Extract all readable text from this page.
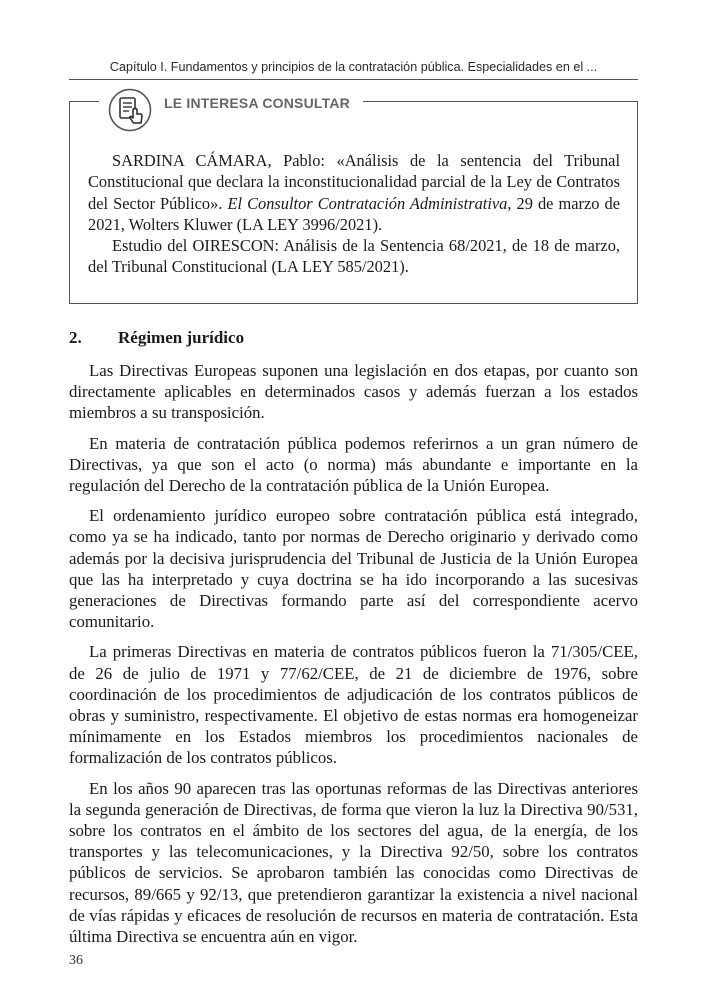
Capítulo I. Fundamentos y principios de la contratación pública. Especialidades en el ...
LE INTERESA CONSULTAR

SARDINA CÁMARA, Pablo: «Análisis de la sentencia del Tribunal Constitucional que declara la inconstitucionalidad parcial de la Ley de Contratos del Sector Público». El Consultor Contratación Administrativa, 29 de marzo de 2021, Wolters Kluwer (LA LEY 3996/2021).

Estudio del OIRESCON: Análisis de la Sentencia 68/2021, de 18 de marzo, del Tribunal Constitucional (LA LEY 585/2021).

2. Régimen jurídico

Las Directivas Europeas suponen una legislación en dos etapas, por cuanto son directamente aplicables en determinados casos y además fuerzan a los estados miembros a su transposición.

En materia de contratación pública podemos referirnos a un gran número de Directivas, ya que son el acto (o norma) más abundante e importante en la regulación del Derecho de la contratación pública de la Unión Europea.

El ordenamiento jurídico europeo sobre contratación pública está integrado, como ya se ha indicado, tanto por normas de Derecho originario y derivado como además por la decisiva jurisprudencia del Tribunal de Justicia de la Unión Europea que las ha interpretado y cuya doctrina se ha ido incorporando a las sucesivas generaciones de Directivas formando parte así del correspondiente acervo comunitario.

La primeras Directivas en materia de contratos públicos fueron la 71/305/CEE, de 26 de julio de 1971 y 77/62/CEE, de 21 de diciembre de 1976, sobre coordinación de los procedimientos de adjudicación de los contratos públicos de obras y suministro, respectivamente. El objetivo de estas normas era homogeneizar mínimamente en los Estados miembros los procedimientos nacionales de formalización de los contratos públicos.

En los años 90 aparecen tras las oportunas reformas de las Directivas anteriores la segunda generación de Directivas, de forma que vieron la luz la Directiva 90/531, sobre los contratos en el ámbito de los sectores del agua, de la energía, de los transportes y las telecomunicaciones, y la Directiva 92/50, sobre los contratos públicos de servicios. Se aprobaron también las conocidas como Directivas de recursos, 89/665 y 92/13, que pretendieron garantizar la existencia a nivel nacional de vías rápidas y eficaces de resolución de recursos en materia de contratación. Esta última Directiva se encuentra aún en vigor.

36
